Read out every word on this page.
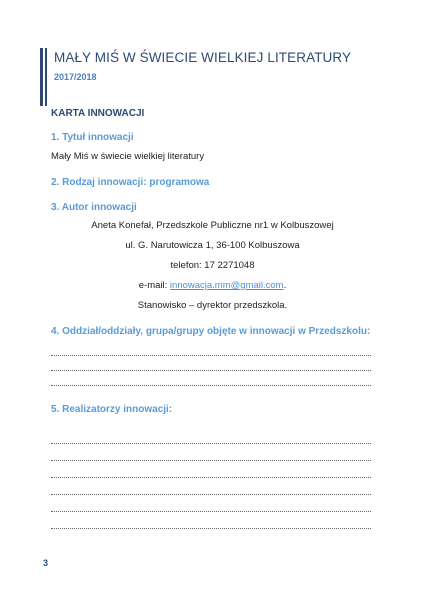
MAŁY MIŚ W ŚWIECIE WIELKIEJ LITERATURY
2017/2018
KARTA INNOWACJI
1. Tytuł innowacji
Mały Miś w świecie wielkiej literatury
2. Rodzaj innowacji: programowa
3. Autor innowacji
Aneta Konefał, Przedszkole Publiczne nr1 w Kolbuszowej
ul. G. Narutowicza 1, 36-100 Kolbuszowa
telefon: 17 2271048
e-mail: innowacja.mm@gmail.com.
Stanowisko – dyrektor przedszkola.
4. Oddział/oddziały, grupa/grupy objęte w innowacji w Przedszkolu:
5. Realizatorzy innowacji:
3
